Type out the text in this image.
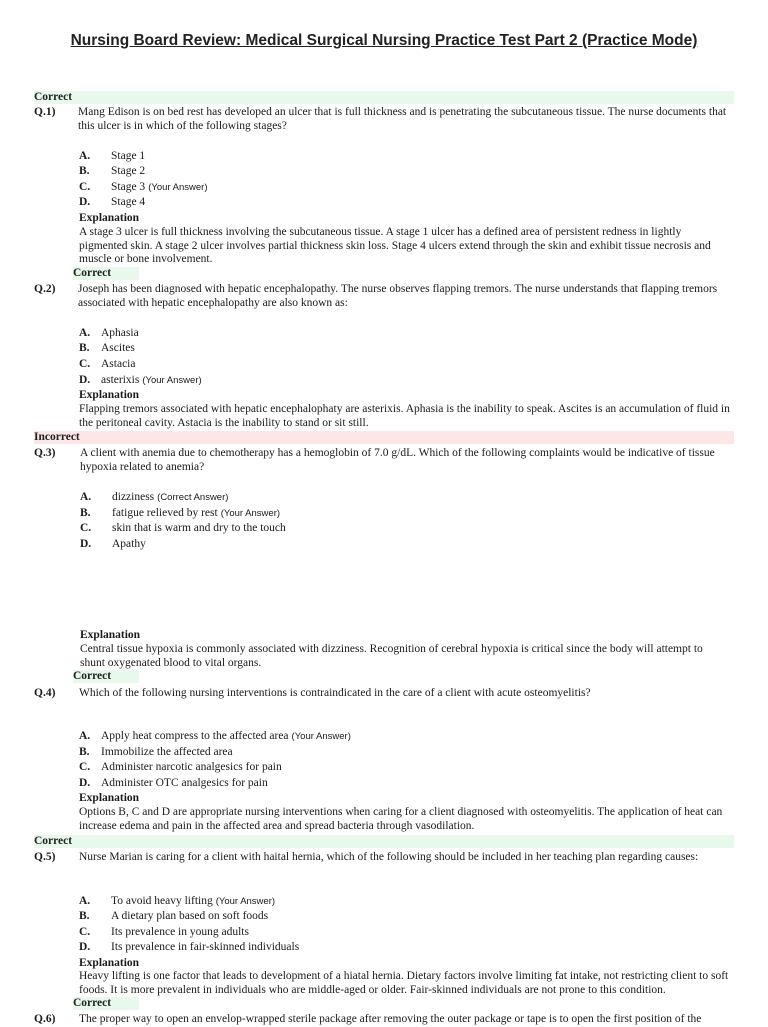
Nursing Board Review: Medical Surgical Nursing Practice Test Part 2 (Practice Mode)
Correct
Q.1) Mang Edison is on bed rest has developed an ulcer that is full thickness and is penetrating the subcutaneous tissue. The nurse documents that this ulcer is in which of the following stages?
A. Stage 1
B. Stage 2
C. Stage 3 (Your Answer)
D. Stage 4
Explanation
A stage 3 ulcer is full thickness involving the subcutaneous tissue. A stage 1 ulcer has a defined area of persistent redness in lightly pigmented skin. A stage 2 ulcer involves partial thickness skin loss. Stage 4 ulcers extend through the skin and exhibit tissue necrosis and muscle or bone involvement.
Correct
Q.2) Joseph has been diagnosed with hepatic encephalopathy. The nurse observes flapping tremors. The nurse understands that flapping tremors associated with hepatic encephalopathy are also known as:
A. Aphasia
B. Ascites
C. Astacia
D. asterixis (Your Answer)
Explanation
Flapping tremors associated with hepatic encephalophaty are asterixis. Aphasia is the inability to speak. Ascites is an accumulation of fluid in the peritoneal cavity. Astacia is the inability to stand or sit still.
Incorrect
Q.3) A client with anemia due to chemotherapy has a hemoglobin of 7.0 g/dL. Which of the following complaints would be indicative of tissue hypoxia related to anemia?
A. dizziness (Correct Answer)
B. fatigue relieved by rest (Your Answer)
C. skin that is warm and dry to the touch
D. Apathy
Explanation
Central tissue hypoxia is commonly associated with dizziness. Recognition of cerebral hypoxia is critical since the body will attempt to shunt oxygenated blood to vital organs.
Correct
Q.4) Which of the following nursing interventions is contraindicated in the care of a client with acute osteomyelitis?
A. Apply heat compress to the affected area (Your Answer)
B. Immobilize the affected area
C. Administer narcotic analgesics for pain
D. Administer OTC analgesics for pain
Explanation
Options B, C and D are appropriate nursing interventions when caring for a client diagnosed with osteomyelitis. The application of heat can increase edema and pain in the affected area and spread bacteria through vasodilation.
Correct
Q.5) Nurse Marian is caring for a client with haital hernia, which of the following should be included in her teaching plan regarding causes:
A. To avoid heavy lifting (Your Answer)
B. A dietary plan based on soft foods
C. Its prevalence in young adults
D. Its prevalence in fair-skinned individuals
Explanation
Heavy lifting is one factor that leads to development of a hiatal hernia. Dietary factors involve limiting fat intake, not restricting client to soft foods. It is more prevalent in individuals who are middle-aged or older. Fair-skinned individuals are not prone to this condition.
Correct
Q.6) The proper way to open an envelop-wrapped sterile package after removing the outer package or tape is to open the first position of the
